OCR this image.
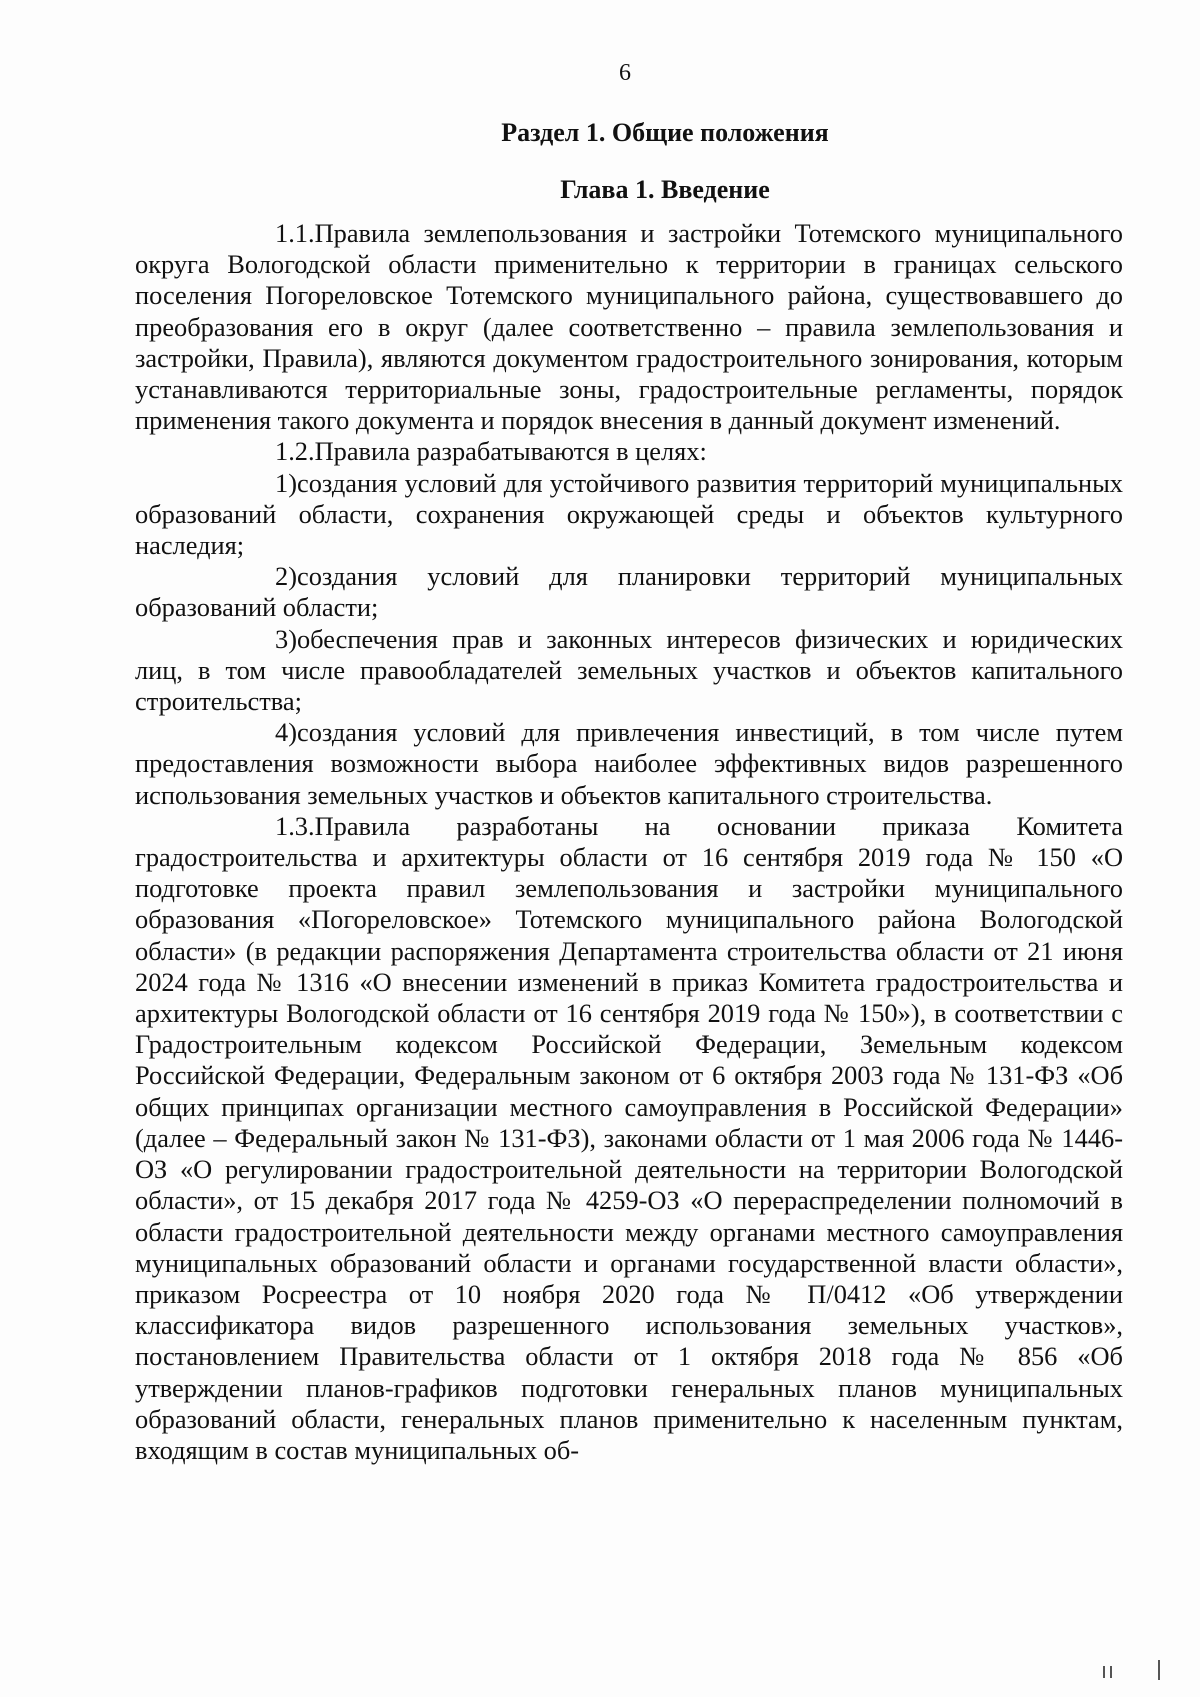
6
Раздел 1. Общие положения
Глава 1. Введение

1.1.Правила землепользования и застройки Тотемского муниципального округа Вологодской области применительно к территории в границах сельского поселения Погореловское Тотемского муниципального района, существовавшего до преобразования его в округ (далее соответственно – правила землепользования и застройки, Правила), являются документом градостроительного зонирования, которым устанавливаются территориальные зоны, градостроительные регламенты, порядок применения такого документа и порядок внесения в данный документ изменений.

1.2.Правила разрабатываются в целях:

1)создания условий для устойчивого развития территорий муниципальных образований области, сохранения окружающей среды и объектов культурного наследия;

2)создания условий для планировки территорий муниципальных образований области;

3)обеспечения прав и законных интересов физических и юридических лиц, в том числе правообладателей земельных участков и объектов капитального строительства;

4)создания условий для привлечения инвестиций, в том числе путем предоставления возможности выбора наиболее эффективных видов разрешенного использования земельных участков и объектов капитального строительства.

1.3.Правила разработаны на основании приказа Комитета градостроительства и архитектуры области от 16 сентября 2019 года № 150 «О подготовке проекта правил землепользования и застройки муниципального образования «Погореловское» Тотемского муниципального района Вологодской области» (в редакции распоряжения Департамента строительства области от 21 июня 2024 года № 1316 «О внесении изменений в приказ Комитета градостроительства и архитектуры Вологодской области от 16 сентября 2019 года № 150»), в соответствии с Градостроительным кодексом Российской Федерации, Земельным кодексом Российской Федерации, Федеральным законом от 6 октября 2003 года № 131-ФЗ «Об общих принципах организации местного самоуправления в Российской Федерации» (далее – Федеральный закон № 131-ФЗ), законами области от 1 мая 2006 года № 1446-ОЗ «О регулировании градостроительной деятельности на территории Вологодской области», от 15 декабря 2017 года № 4259-ОЗ «О перераспределении полномочий в области градостроительной деятельности между органами местного самоуправления муниципальных образований области и органами государственной власти области», приказом Росреестра от 10 ноября 2020 года № П/0412 «Об утверждении классификатора видов разрешенного использования земельных участков», постановлением Правительства области от 1 октября 2018 года № 856 «Об утверждении планов-графиков подготовки генеральных планов муниципальных образований области, генеральных планов применительно к населенным пунктам, входящим в состав муниципальных об-
